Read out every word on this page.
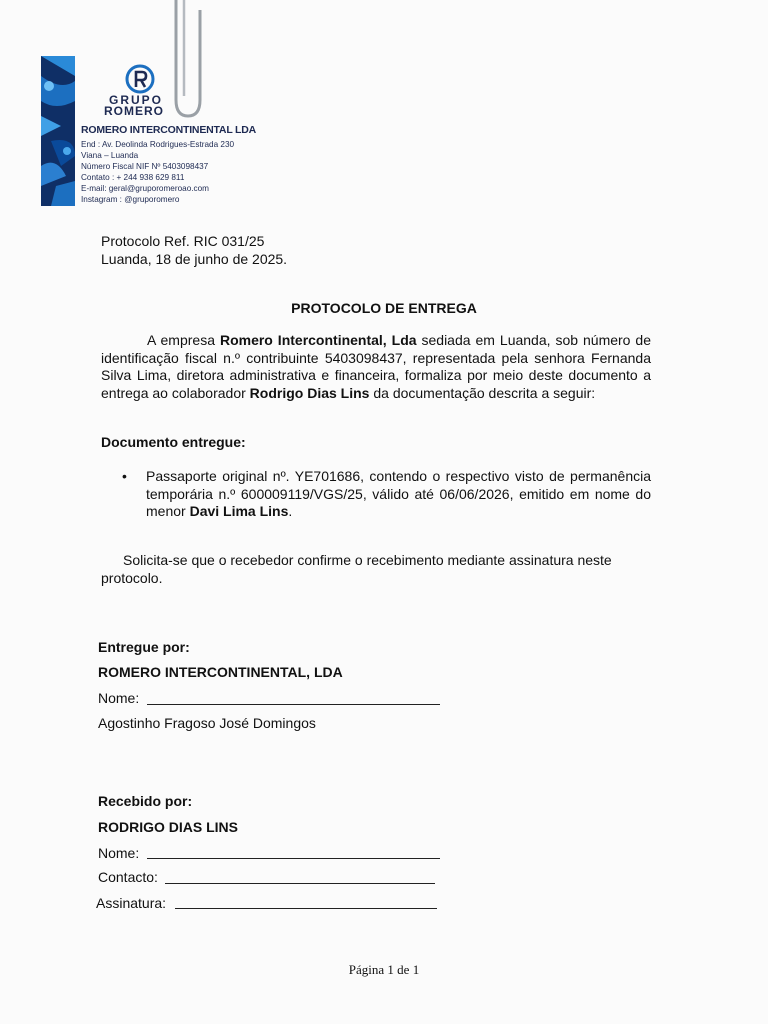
GRUPO
ROMERO
ROMERO INTERCONTINENTAL LDA
End : Av. Deolinda Rodrigues-Estrada 230
Viana – Luanda
Número Fiscal NIF Nº 5403098437
Contato : + 244 938 629 811
E-mail: geral@gruporomeroao.com
Instagram : @gruporomero
Protocolo Ref. RIC 031/25
Luanda, 18 de junho de 2025.
PROTOCOLO DE ENTREGA
A empresa Romero Intercontinental, Lda sediada em Luanda, sob número de identificação fiscal n.º contribuinte 5403098437, representada pela senhora Fernanda Silva Lima, diretora administrativa e financeira, formaliza por meio deste documento a entrega ao colaborador Rodrigo Dias Lins da documentação descrita a seguir:
Documento entregue:
• Passaporte original nº. YE701686, contendo o respectivo visto de permanência temporária n.º 600009119/VGS/25, válido até 06/06/2026, emitido em nome do menor Davi Lima Lins.
Solicita-se que o recebedor confirme o recebimento mediante assinatura neste protocolo.
Entregue por:
ROMERO INTERCONTINENTAL, LDA
Nome:
Agostinho Fragoso José Domingos
Recebido por:
RODRIGO DIAS LINS
Nome:
Contacto:
Assinatura:
Página 1 de 1
